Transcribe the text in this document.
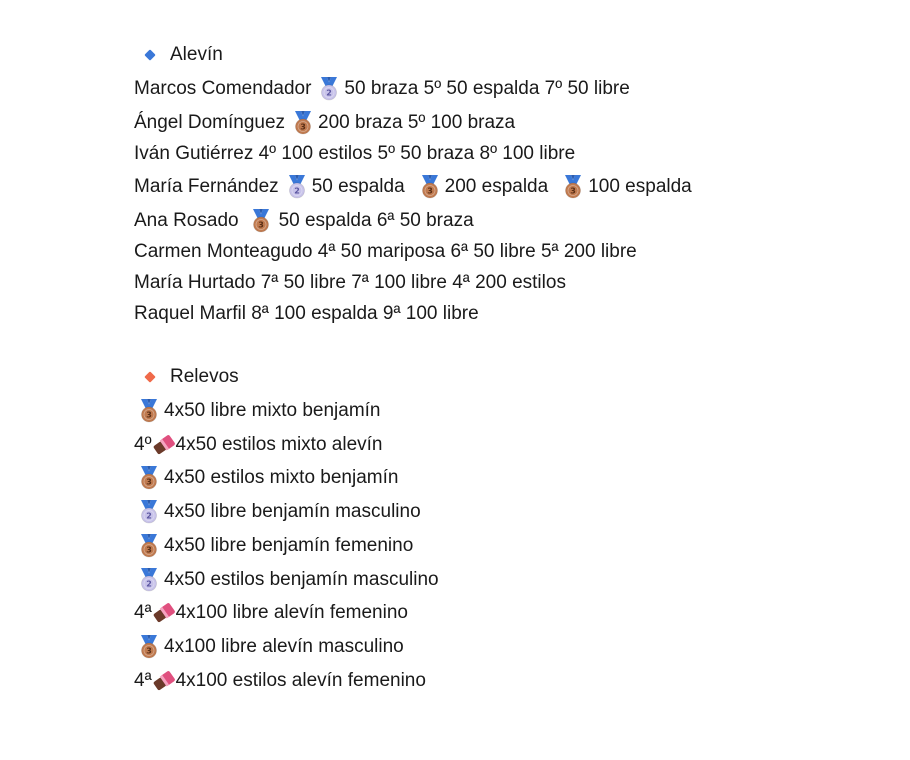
Alevín
Marcos Comendador 2 50 braza 5º 50 espalda 7º 50 libre
Ángel Domínguez 3 200 braza 5º 100 braza
Iván Gutiérrez 4º 100 estilos 5º 50 braza 8º 100 libre
María Fernández 2 50 espalda	3 200 espalda	3 100 espalda
Ana Rosado 3 50 espalda 6ª 50 braza
Carmen Monteagudo 4ª 50 mariposa 6ª 50 libre 5ª 200 libre
María Hurtado 7ª 50 libre 7ª 100 libre 4ª 200 estilos
Raquel Marfil 8ª 100 espalda 9ª 100 libre
Relevos
3 4x50 libre mixto benjamín
4º 4x50 estilos mixto alevín
3 4x50 estilos mixto benjamín
2 4x50 libre benjamín masculino
3 4x50 libre benjamín femenino
2 4x50 estilos benjamín masculino
4ª 4x100 libre alevín femenino
3 4x100 libre alevín masculino
4ª 4x100 estilos alevín femenino
